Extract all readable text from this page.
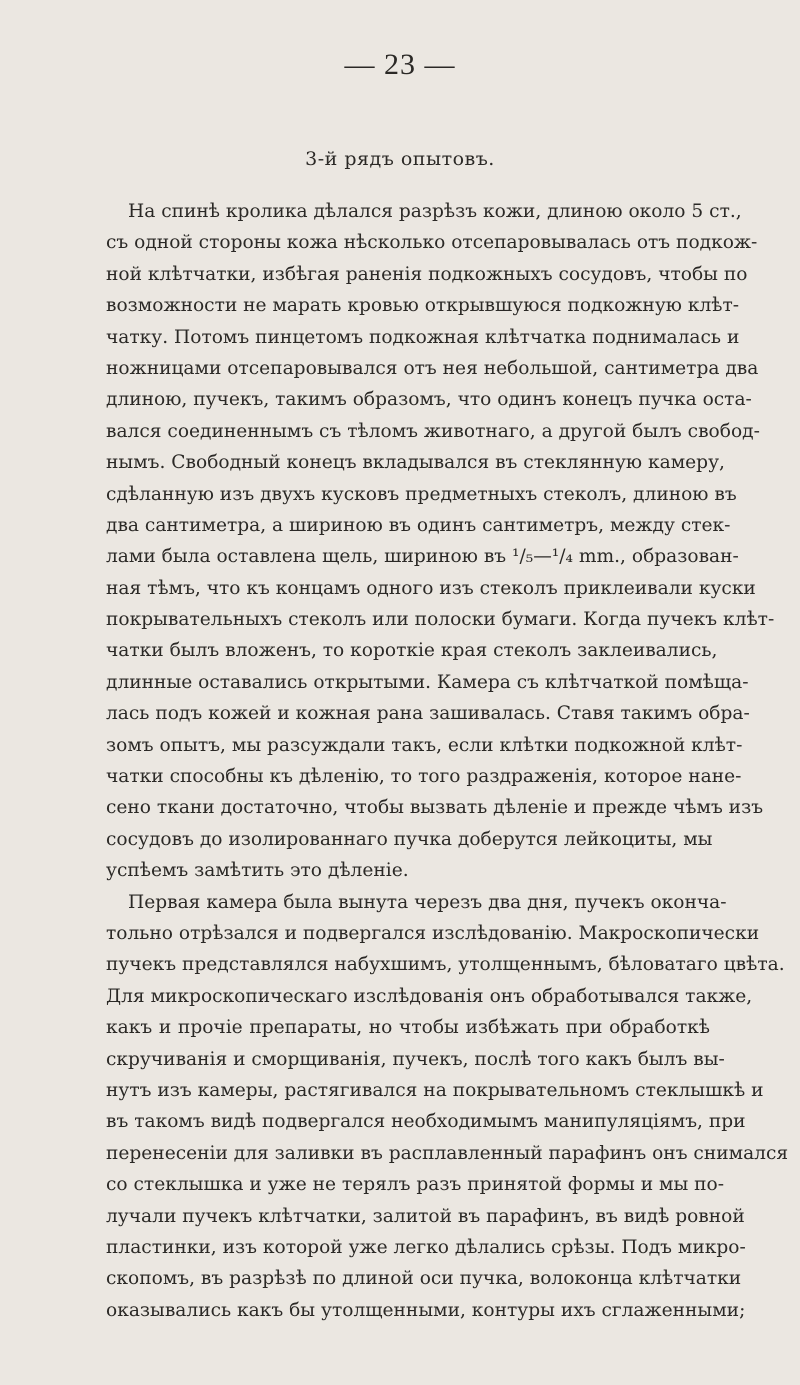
— 23 —
3-й рядъ опытовъ.
На спинѣ кролика дѣлался разрѣзъ кожи, длиною около 5 ст.,
съ одной стороны кожа нѣсколько отсепаровывалась отъ подкож-
ной клѣтчатки, избѣгая раненія подкожныхъ сосудовъ, чтобы по
возможности не марать кровью открывшуюся подкожную клѣт-
чатку. Потомъ пинцетомъ подкожная клѣтчатка поднималась и
ножницами отсепаровывался отъ нея небольшой, сантиметра два
длиною, пучекъ, такимъ образомъ, что одинъ конецъ пучка оста-
вался соединеннымъ съ тѣломъ животнаго, а другой былъ свобод-
нымъ. Свободный конецъ вкладывался въ стеклянную камеру,
сдѣланную изъ двухъ кусковъ предметныхъ стеколъ, длиною въ
два сантиметра, а шириною въ одинъ сантиметръ, между стек-
лами была оставлена щель, шириною въ ¹/₅—¹/₄ mm., образован-
ная тѣмъ, что къ концамъ одного изъ стеколъ приклеивали куски
покрывательныхъ стеколъ или полоски бумаги. Когда пучекъ клѣт-
чатки былъ вложенъ, то короткіе края стеколъ заклеивались,
длинные оставались открытыми. Камера съ клѣтчаткой помѣща-
лась подъ кожей и кожная рана зашивалась. Ставя такимъ обра-
зомъ опытъ, мы разсуждали такъ, если клѣтки подкожной клѣт-
чатки способны къ дѣленію, то того раздраженія, которое нане-
сено ткани достаточно, чтобы вызвать дѣленіе и прежде чѣмъ изъ
сосудовъ до изолированнаго пучка доберутся лейкоциты, мы
успѣемъ замѣтить это дѣленіе.
Первая камера была вынута черезъ два дня, пучекъ оконча-
тольно отрѣзался и подвергался изслѣдованію. Макроскопически
пучекъ представлялся набухшимъ, утолщеннымъ, бѣловатаго цвѣта.
Для микроскопическаго изслѣдованія онъ обработывался также,
какъ и прочіе препараты, но чтобы избѣжать при обработкѣ
скручиванія и сморщиванія, пучекъ, послѣ того какъ былъ вы-
нутъ изъ камеры, растягивался на покрывательномъ стеклышкѣ и
въ такомъ видѣ подвергался необходимымъ манипуляціямъ, при
перенесеніи для заливки въ расплавленный парафинъ онъ снимался
со стеклышка и уже не терялъ разъ принятой формы и мы по-
лучали пучекъ клѣтчатки, залитой въ парафинъ, въ видѣ ровной
пластинки, изъ которой уже легко дѣлались срѣзы. Подъ микро-
скопомъ, въ разрѣзѣ по длиной оси пучка, волоконца клѣтчатки
оказывались какъ бы утолщенными, контуры ихъ сглаженными;
